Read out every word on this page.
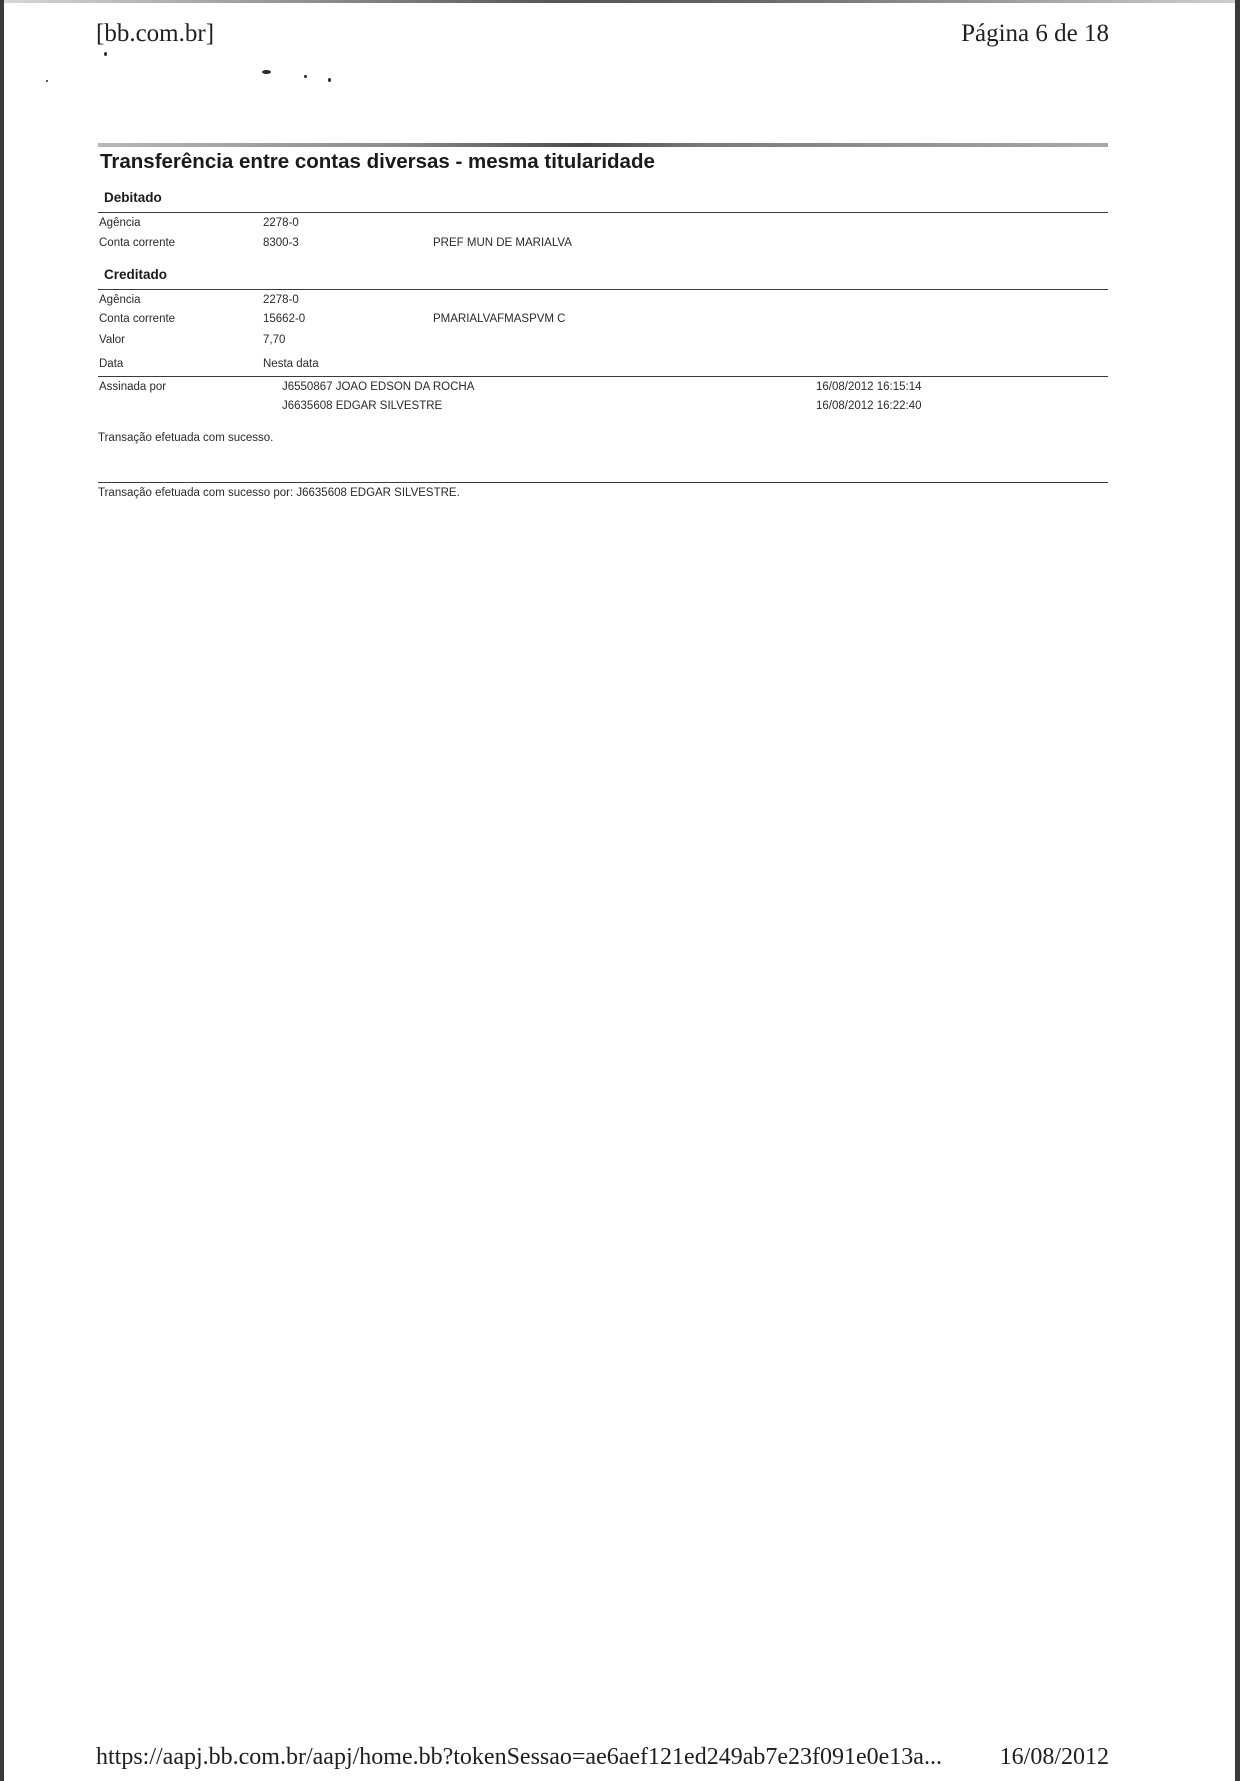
[bb.com.br]	Página 6 de 18
Transferência entre contas diversas - mesma titularidade
Debitado
Agência	2278-0
Conta corrente	8300-3	PREF MUN DE MARIALVA
Creditado
Agência	2278-0
Conta corrente	15662-0	PMARIALVAFMASPVM C
Valor	7,70
Data	Nesta data
Assinada por	J6550867 JOAO EDSON DA ROCHA	16/08/2012 16:15:14
J6635608 EDGAR SILVESTRE	16/08/2012 16:22:40
Transação efetuada com sucesso.
Transação efetuada com sucesso por: J6635608 EDGAR SILVESTRE.
https://aapj.bb.com.br/aapj/home.bb?tokenSessao=ae6aef121ed249ab7e23f091e0e13a... 16/08/2012
